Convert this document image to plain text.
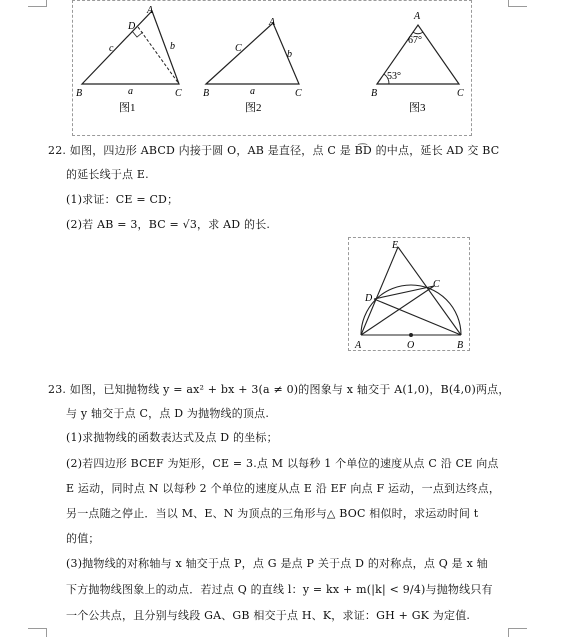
A
D
B	C
a
b
c
图1
A
B	C
a
b
C
图2
A
B	C
67°
53°
图3
22. 如图，四边形 ABCD 内接于圆 O，AB 是直径，点 C 是 B͡D 的中点，延长 AD 交 BC
的延长线于点 E.
(1)求证：CE = CD；
(2)若 AB = 3，BC = √3，求 AD 的长.
E
D
C
A	O	B
23. 如图，已知抛物线 y = ax² + bx + 3(a ≠ 0)的图象与 x 轴交于 A(1,0)，B(4,0)两点，
与 y 轴交于点 C，点 D 为抛物线的顶点.
(1)求抛物线的函数表达式及点 D 的坐标；
(2)若四边形 BCEF 为矩形，CE = 3.点 M 以每秒 1 个单位的速度从点 C 沿 CE 向点
E 运动，同时点 N 以每秒 2 个单位的速度从点 E 沿 EF 向点 F 运动，一点到达终点，
另一点随之停止．当以 M、E、N 为顶点的三角形与△ BOC 相似时，求运动时间 t
的值；
(3)抛物线的对称轴与 x 轴交于点 P，点 G 是点 P 关于点 D 的对称点，点 Q 是 x 轴
下方抛物线图象上的动点．若过点 Q 的直线 l：y = kx + m(|k| < 9/4)与抛物线只有
一个公共点，且分别与线段 GA、GB 相交于点 H、K，求证：GH + GK 为定值.
